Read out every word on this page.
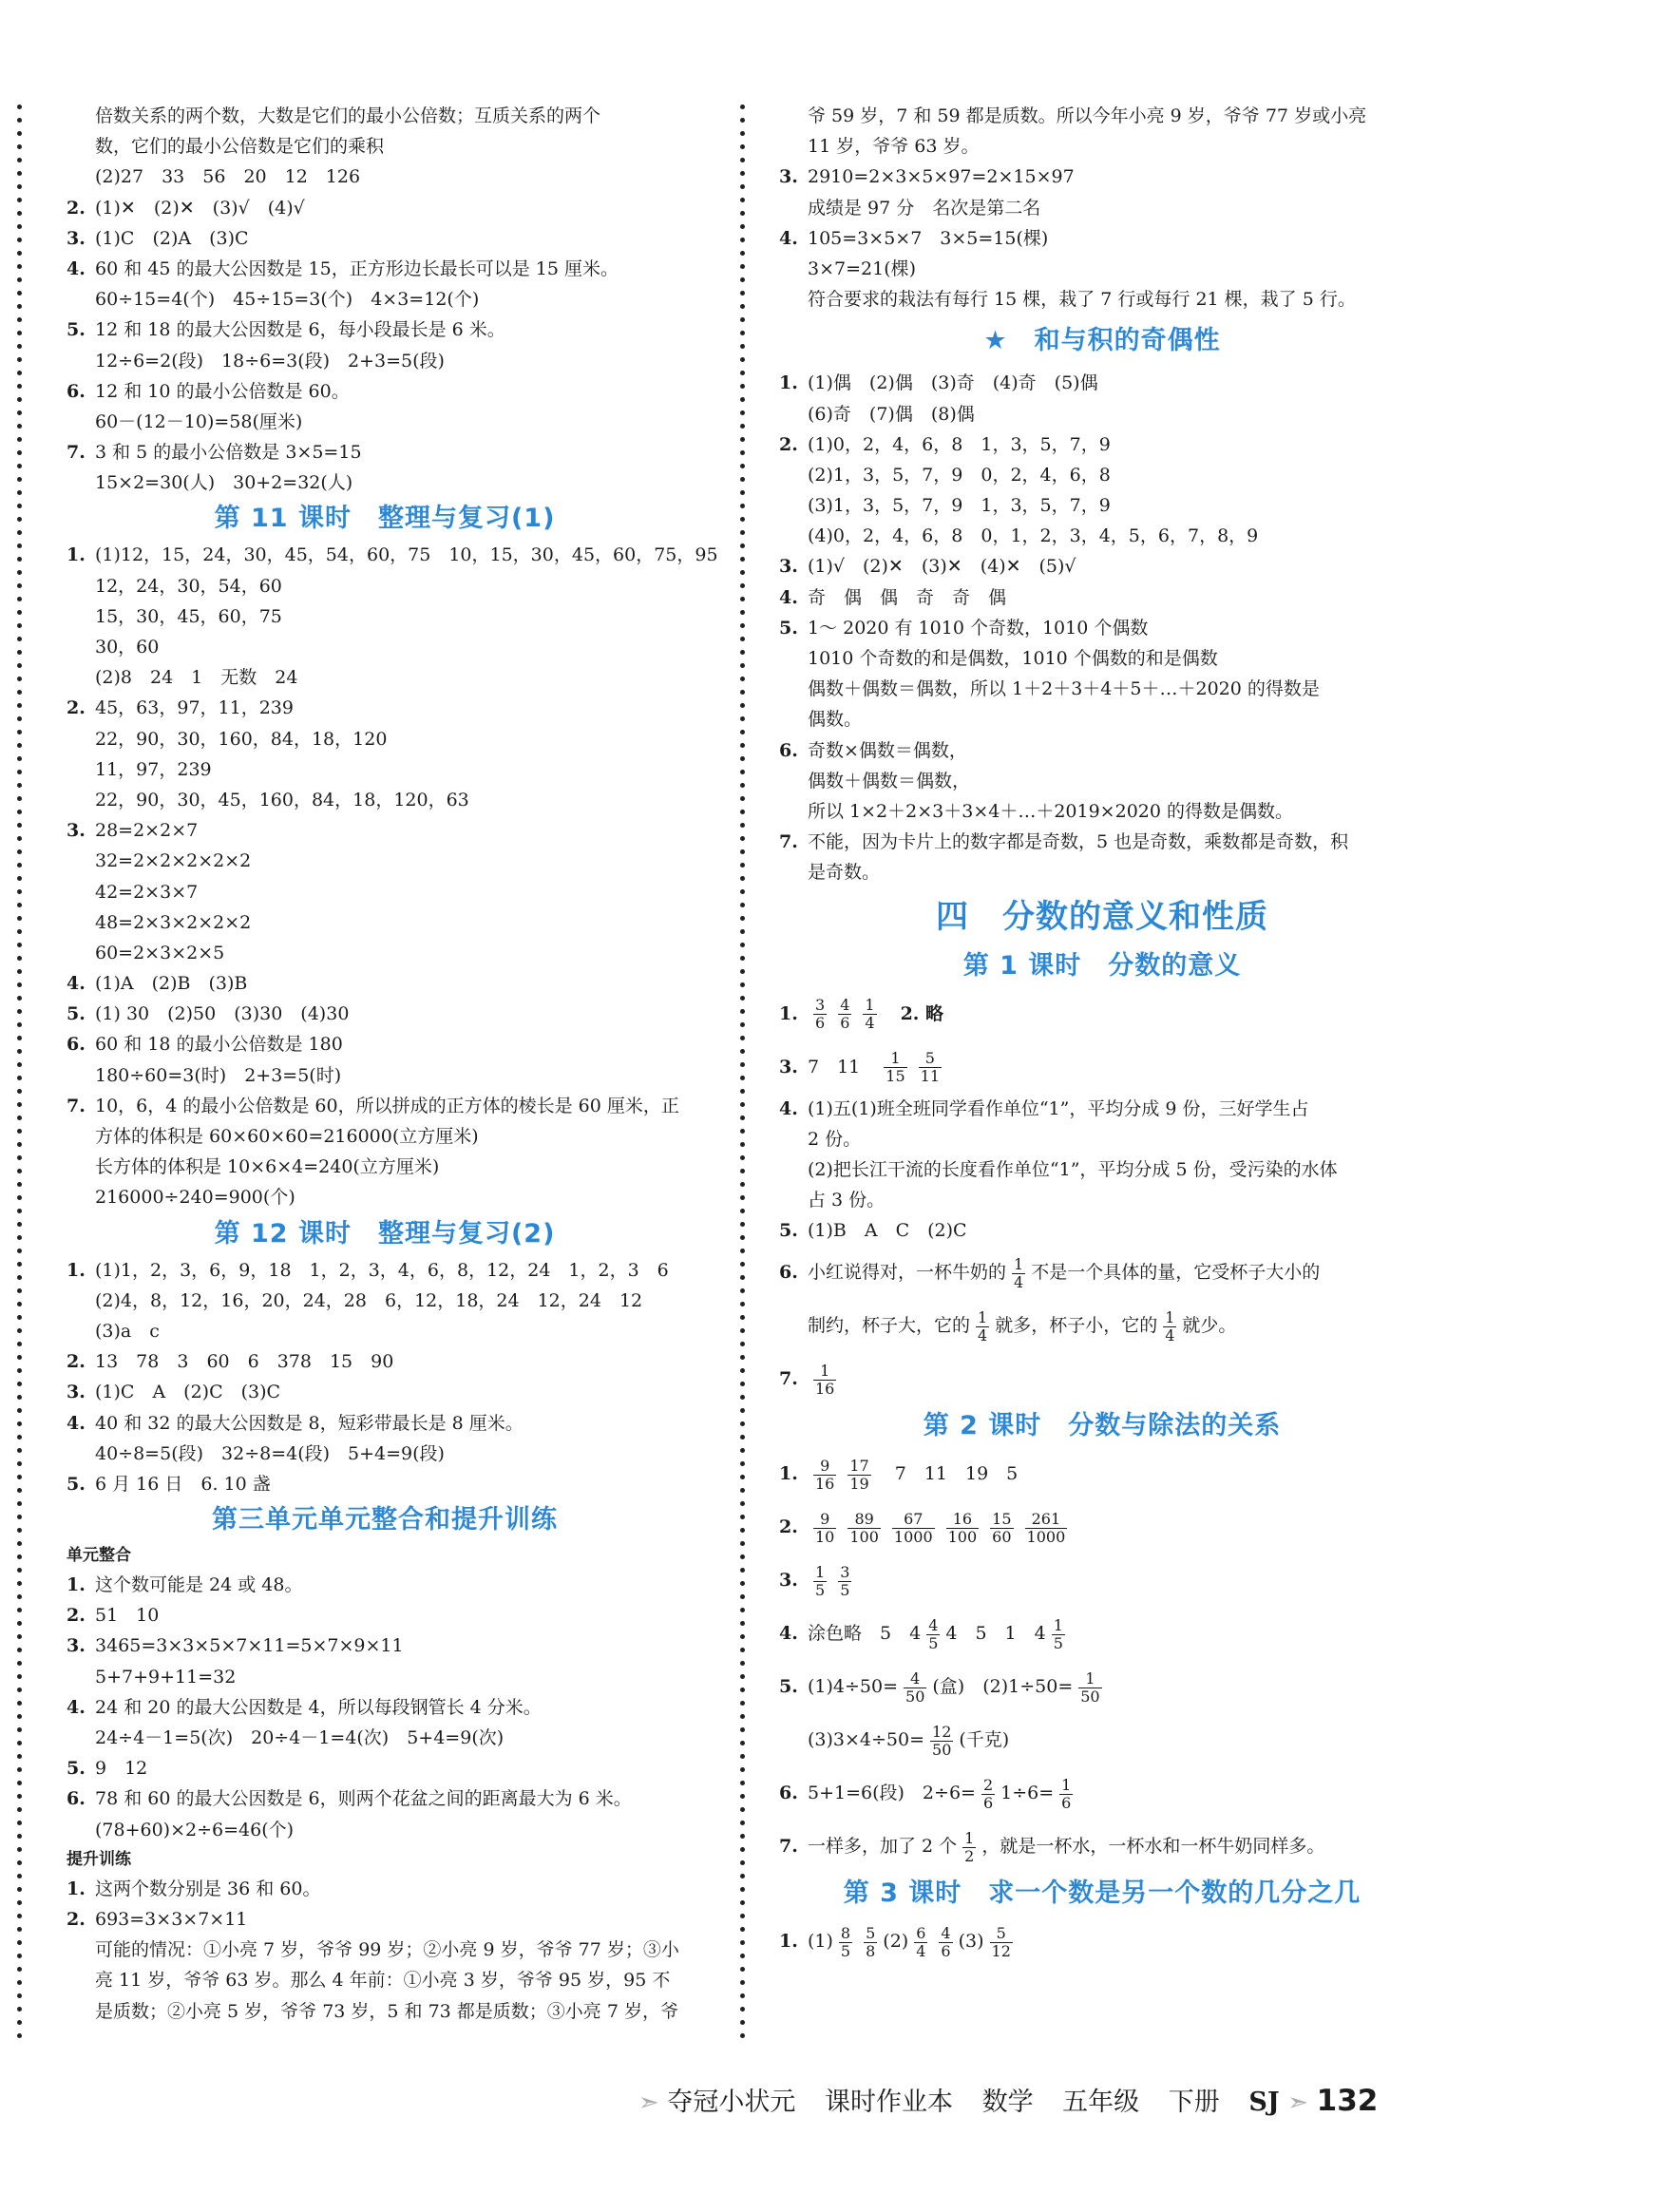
倍数关系的两个数，大数是它们的最小公倍数；互质关系的两个
数，它们的最小公倍数是它们的乘积
(2)27　33　56　20　12　126
2. (1)✕　(2)✕　(3)√　(4)√
3. (1)C　(2)A　(3)C
4. 60 和 45 的最大公因数是 15，正方形边长最长可以是 15 厘米。
60÷15=4(个)　45÷15=3(个)　4×3=12(个)
5. 12 和 18 的最大公因数是 6，每小段最长是 6 米。
12÷6=2(段)　18÷6=3(段)　2+3=5(段)
6. 12 和 10 的最小公倍数是 60。
60－(12－10)=58(厘米)
7. 3 和 5 的最小公倍数是 3×5=15
15×2=30(人)　30+2=32(人)
第 11 课时　整理与复习(1)
1. (1)12，15，24，30，45，54，60，75　10，15，30，45，60，75，95
12，24，30，54，60
15，30，45，60，75
30，60
(2)8　24　1　无数　24
2. 45，63，97，11，239
22，90，30，160，84，18，120
11，97，239
22，90，30，45，160，84，18，120，63
3. 28=2×2×7
32=2×2×2×2×2
42=2×3×7
48=2×3×2×2×2
60=2×3×2×5
4. (1)A　(2)B　(3)B
5. (1) 30　(2)50　(3)30　(4)30
6. 60 和 18 的最小公倍数是 180
180÷60=3(时)　2+3=5(时)
7. 10，6，4 的最小公倍数是 60，所以拼成的正方体的棱长是 60 厘米，正
方体的体积是 60×60×60=216000(立方厘米)
长方体的体积是 10×6×4=240(立方厘米)
216000÷240=900(个)
第 12 课时　整理与复习(2)
1. (1)1，2，3，6，9，18　1，2，3，4，6，8，12，24　1，2，3　6
(2)4，8，12，16，20，24，28　6，12，18，24　12，24　12
(3)a　c
2. 13　78　3　60　6　378　15　90
3. (1)C　A　(2)C　(3)C
4. 40 和 32 的最大公因数是 8，短彩带最长是 8 厘米。
40÷8=5(段)　32÷8=4(段)　5+4=9(段)
5. 6 月 16 日　6. 10 盏
第三单元单元整合和提升训练
单元整合
1. 这个数可能是 24 或 48。
2. 51　10
3. 3465=3×3×5×7×11=5×7×9×11
5+7+9+11=32
4. 24 和 20 的最大公因数是 4，所以每段钢管长 4 分米。
24÷4－1=5(次)　20÷4－1=4(次)　5+4=9(次)
5. 9　12
6. 78 和 60 的最大公因数是 6，则两个花盆之间的距离最大为 6 米。
(78+60)×2÷6=46(个)
提升训练
1. 这两个数分别是 36 和 60。
2. 693=3×3×7×11
可能的情况：①小亮 7 岁，爷爷 99 岁；②小亮 9 岁，爷爷 77 岁；③小
亮 11 岁，爷爷 63 岁。那么 4 年前：①小亮 3 岁，爷爷 95 岁，95 不
是质数；②小亮 5 岁，爷爷 73 岁，5 和 73 都是质数；③小亮 7 岁，爷
爷 59 岁，7 和 59 都是质数。所以今年小亮 9 岁，爷爷 77 岁或小亮
11 岁，爷爷 63 岁。
3. 2910=2×3×5×97=2×15×97
成绩是 97 分　名次是第二名
4. 105=3×5×7　3×5=15(棵)
3×7=21(棵)
符合要求的栽法有每行 15 棵，栽了 7 行或每行 21 棵，栽了 5 行。
★　 和与积的奇偶性
1. (1)偶　(2)偶　(3)奇　(4)奇　(5)偶
(6)奇　(7)偶　(8)偶
2. (1)0，2，4，6，8　1，3，5，7，9
(2)1，3，5，7，9　0，2，4，6，8
(3)1，3，5，7，9　1，3，5，7，9
(4)0，2，4，6，8　0，1，2，3，4，5，6，7，8，9
3. (1)√　(2)✕　(3)✕　(4)✕　(5)√
4. 奇　偶　偶　奇　奇　偶
5. 1～ 2020 有 1010 个奇数，1010 个偶数
1010 个奇数的和是偶数，1010 个偶数的和是偶数
偶数＋偶数＝偶数，所以 1＋2＋3＋4＋5＋…＋2020 的得数是
偶数。
6. 奇数×偶数＝偶数，
偶数＋偶数＝偶数，
所以 1×2＋2×3＋3×4＋…＋2019×2020 的得数是偶数。
7. 不能，因为卡片上的数字都是奇数，5 也是奇数，乘数都是奇数，积
是奇数。
四　分数的意义和性质
第 1 课时　分数的意义
1. $\frac{3}{6} \frac{4}{6} \frac{1}{4}$
　 2. 略
3. 7　11　 $\frac{1}{15} \frac{5}{11}$
4. (1)五(1)班全班同学看作单位“1”，平均分成 9 份，三好学生占
2 份。
(2)把长江干流的长度看作单位“1”，平均分成 5 份，受污染的水体
占 3 份。
5. (1)B　A　C　(2)C
6. 小红说得对，一杯牛奶的 $\frac{1}{4}$ 不是一个具体的量，它受杯子大小的
制约，杯子大，它的 $\frac{1}{4}$ 就多，杯子小，它的 $\frac{1}{4}$ 就少。
7. $\frac{1}{16}$
第 2 课时　分数与除法的关系
1. $\frac{9}{16} \frac{17}{19}$
　 7　11　19　5
2. $\frac{9}{10} \frac{89}{100} \frac{67}{1000} \frac{16}{100} \frac{15}{60} \frac{261}{1000}$
3. $\frac{1}{5} \frac{3}{5}$
4. 涂色略　5　$4 \frac{4}{5} 4$　5　1　$4 \frac{1}{5}$
5. $(1)4\div 50= \frac{4}{50}$ (盒)　$(2)1\div 50= \frac{1}{50}$
$(3)3\times 4\div 50= \frac{12}{50}$ (千克)
6. 5+1=6(段)　$2\div 6= \frac{2}{6} 1\div 6= \frac{1}{6}$
7. 一样多，加了 2 个 $\frac{1}{2}$ ，就是一杯水，一杯水和一杯牛奶同样多。
第 3 课时　求一个数是另一个数的几分之几
1. $(1) \frac{8}{5} \frac{5}{8} (2) \frac{6}{4} \frac{4}{6} (3) \frac{5}{12}$
➣ 夺冠小状元 课时作业本 数学 五年级 下册 SJ ➣ 132
